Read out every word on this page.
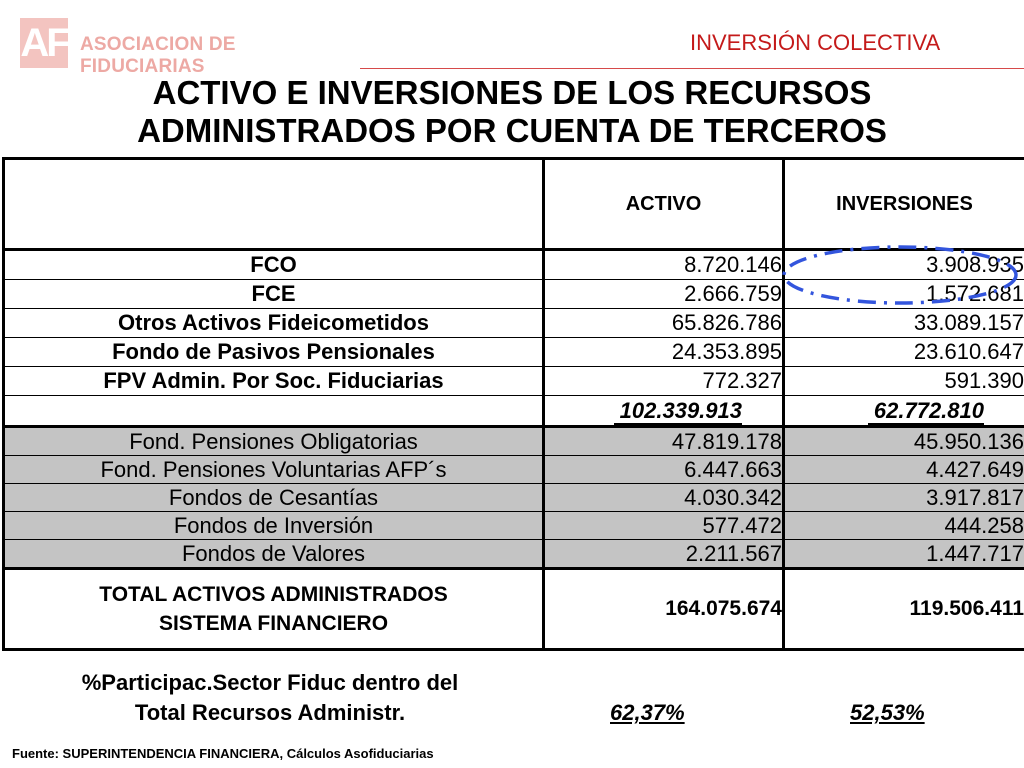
AF ASOCIACION DE FIDUCIARIAS
INVERSIÓN COLECTIVA
ACTIVO E INVERSIONES DE LOS RECURSOS
ADMINISTRADOS POR CUENTA DE TERCEROS
	ACTIVO	INVERSIONES
FCO	8.720.146	3.908.935
FCE	2.666.759	1.572.681
Otros Activos Fideicometidos	65.826.786	33.089.157
Fondo de Pasivos Pensionales	24.353.895	23.610.647
FPV Admin. Por Soc. Fiduciarias	772.327	591.390
	102.339.913	62.772.810
Fond. Pensiones Obligatorias	47.819.178	45.950.136
Fond. Pensiones Voluntarias AFP´s	6.447.663	4.427.649
Fondos de Cesantías	4.030.342	3.917.817
Fondos de Inversión	577.472	444.258
Fondos de Valores	2.211.567	1.447.717

TOTAL ACTIVOS ADMINISTRADOS
SISTEMA FINANCIERO	164.075.674	119.506.411
%Participac.Sector Fiduc dentro del
Total Recursos Administr.	62,37%	52,53%
Fuente: SUPERINTENDENCIA FINANCIERA, Cálculos Asofiduciarias
